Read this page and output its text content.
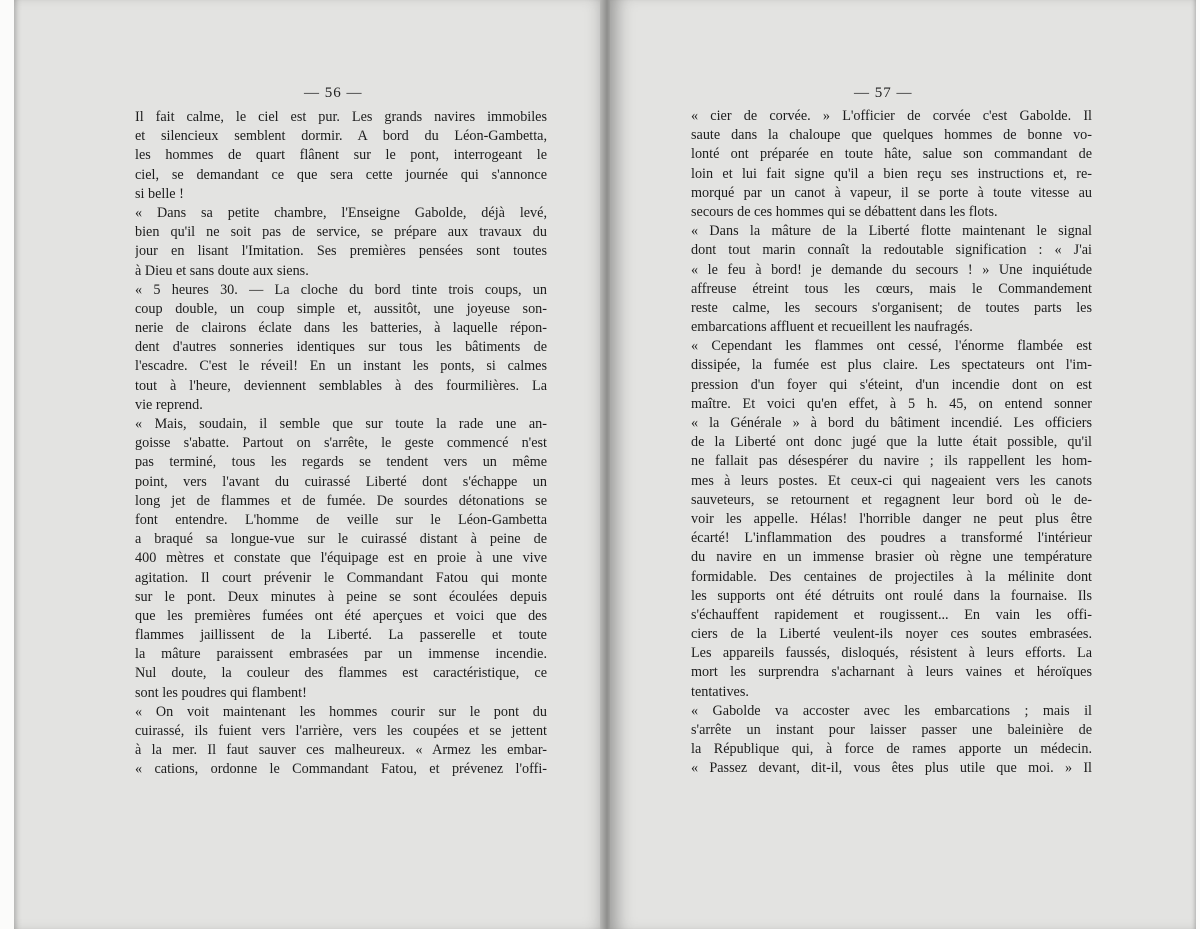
— 56 —
Il fait calme, le ciel est pur. Les grands navires immobiles
et silencieux semblent dormir. A bord du Léon-Gambetta,
les hommes de quart flânent sur le pont, interrogeant le
ciel, se demandant ce que sera cette journée qui s'annonce
si belle !
« Dans sa petite chambre, l'Enseigne Gabolde, déjà levé,
bien qu'il ne soit pas de service, se prépare aux travaux du
jour en lisant l'Imitation. Ses premières pensées sont toutes
à Dieu et sans doute aux siens.
« 5 heures 30. — La cloche du bord tinte trois coups, un
coup double, un coup simple et, aussitôt, une joyeuse son-
nerie de clairons éclate dans les batteries, à laquelle répon-
dent d'autres sonneries identiques sur tous les bâtiments de
l'escadre. C'est le réveil! En un instant les ponts, si calmes
tout à l'heure, deviennent semblables à des fourmilières. La
vie reprend.
« Mais, soudain, il semble que sur toute la rade une an-
goisse s'abatte. Partout on s'arrête, le geste commencé n'est
pas terminé, tous les regards se tendent vers un même
point, vers l'avant du cuirassé Liberté dont s'échappe un
long jet de flammes et de fumée. De sourdes détonations se
font entendre. L'homme de veille sur le Léon-Gambetta
a braqué sa longue-vue sur le cuirassé distant à peine de
400 mètres et constate que l'équipage est en proie à une vive
agitation. Il court prévenir le Commandant Fatou qui monte
sur le pont. Deux minutes à peine se sont écoulées depuis
que les premières fumées ont été aperçues et voici que des
flammes jaillissent de la Liberté. La passerelle et toute
la mâture paraissent embrasées par un immense incendie.
Nul doute, la couleur des flammes est caractéristique, ce
sont les poudres qui flambent!
« On voit maintenant les hommes courir sur le pont du
cuirassé, ils fuient vers l'arrière, vers les coupées et se jettent
à la mer. Il faut sauver ces malheureux. « Armez les embar-
« cations, ordonne le Commandant Fatou, et prévenez l'offi-
— 57 —
« cier de corvée. » L'officier de corvée c'est Gabolde. Il
saute dans la chaloupe que quelques hommes de bonne vo-
lonté ont préparée en toute hâte, salue son commandant de
loin et lui fait signe qu'il a bien reçu ses instructions et, re-
morqué par un canot à vapeur, il se porte à toute vitesse au
secours de ces hommes qui se débattent dans les flots.
« Dans la mâture de la Liberté flotte maintenant le signal
dont tout marin connaît la redoutable signification : « J'ai
« le feu à bord! je demande du secours ! » Une inquiétude
affreuse étreint tous les cœurs, mais le Commandement
reste calme, les secours s'organisent; de toutes parts les
embarcations affluent et recueillent les naufragés.
« Cependant les flammes ont cessé, l'énorme flambée est
dissipée, la fumée est plus claire. Les spectateurs ont l'im-
pression d'un foyer qui s'éteint, d'un incendie dont on est
maître. Et voici qu'en effet, à 5 h. 45, on entend sonner
« la Générale » à bord du bâtiment incendié. Les officiers
de la Liberté ont donc jugé que la lutte était possible, qu'il
ne fallait pas désespérer du navire ; ils rappellent les hom-
mes à leurs postes. Et ceux-ci qui nageaient vers les canots
sauveteurs, se retournent et regagnent leur bord où le de-
voir les appelle. Hélas! l'horrible danger ne peut plus être
écarté! L'inflammation des poudres a transformé l'intérieur
du navire en un immense brasier où règne une température
formidable. Des centaines de projectiles à la mélinite dont
les supports ont été détruits ont roulé dans la fournaise. Ils
s'échauffent rapidement et rougissent... En vain les offi-
ciers de la Liberté veulent-ils noyer ces soutes embrasées.
Les appareils faussés, disloqués, résistent à leurs efforts. La
mort les surprendra s'acharnant à leurs vaines et héroïques
tentatives.
« Gabolde va accoster avec les embarcations ; mais il
s'arrête un instant pour laisser passer une baleinière de
la République qui, à force de rames apporte un médecin.
« Passez devant, dit-il, vous êtes plus utile que moi. » Il
